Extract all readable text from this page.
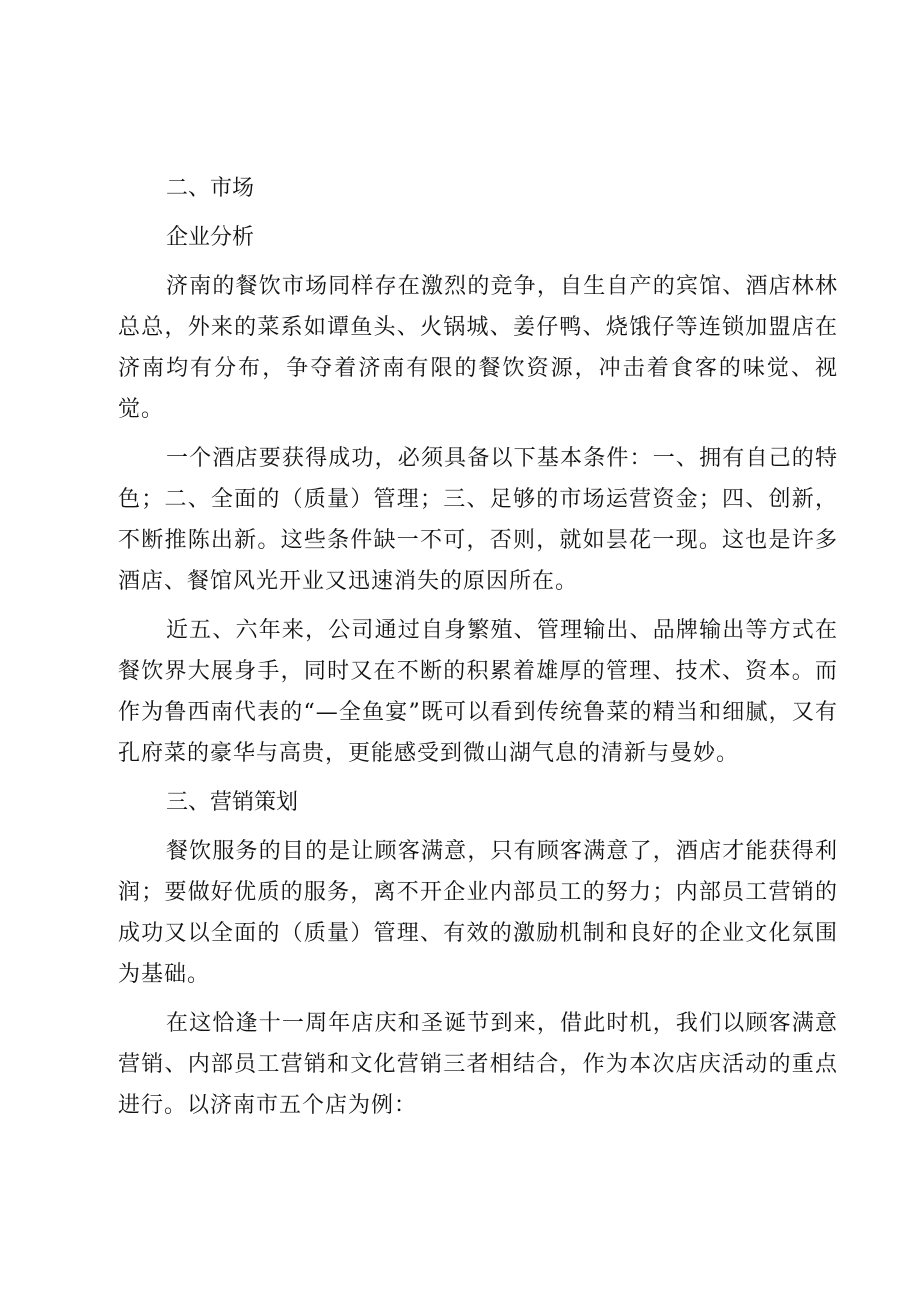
二、市场
企业分析

济南的餐饮市场同样存在激烈的竞争，自生自产的宾馆、酒店林林总总，外来的菜系如谭鱼头、火锅城、姜仔鸭、烧饿仔等连锁加盟店在济南均有分布，争夺着济南有限的餐饮资源，冲击着食客的味觉、视觉。

一个酒店要获得成功，必须具备以下基本条件：一、拥有自己的特色；二、全面的（质量）管理；三、足够的市场运营资金；四、创新，不断推陈出新。这些条件缺一不可，否则，就如昙花一现。这也是许多酒店、餐馆风光开业又迅速消失的原因所在。

近五、六年来，公司通过自身繁殖、管理输出、品牌输出等方式在餐饮界大展身手，同时又在不断的积累着雄厚的管理、技术、资本。而作为鲁西南代表的“—全鱼宴”既可以看到传统鲁菜的精当和细腻，又有孔府菜的豪华与高贵，更能感受到微山湖气息的清新与曼妙。

三、营销策划

餐饮服务的目的是让顾客满意，只有顾客满意了，酒店才能获得利润；要做好优质的服务，离不开企业内部员工的努力；内部员工营销的成功又以全面的（质量）管理、有效的激励机制和良好的企业文化氛围为基础。

在这恰逢十一周年店庆和圣诞节到来，借此时机，我们以顾客满意营销、内部员工营销和文化营销三者相结合，作为本次店庆活动的重点进行。以济南市五个店为例：
